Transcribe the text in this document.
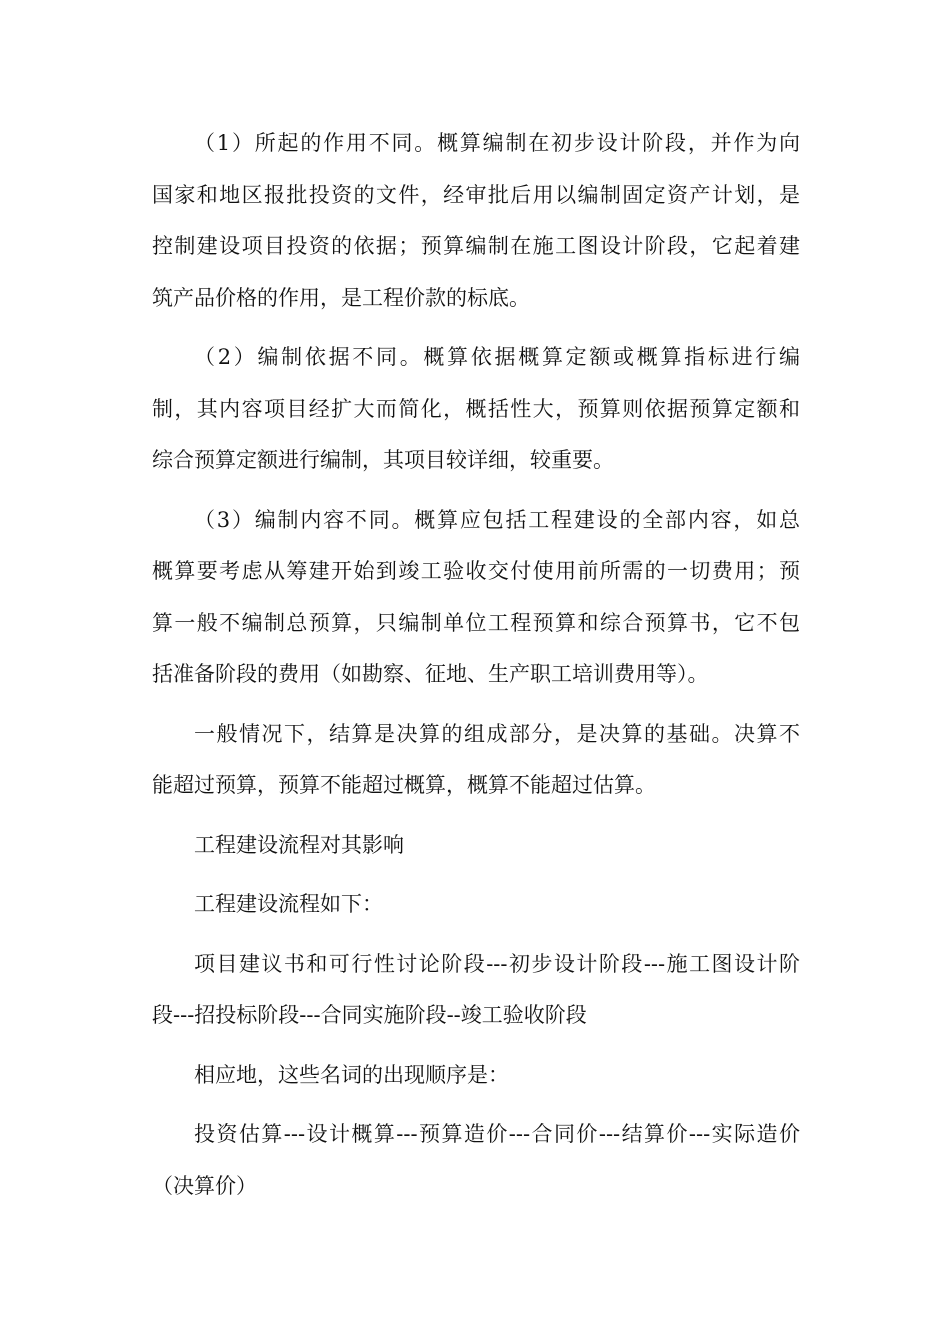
（1）所起的作用不同。概算编制在初步设计阶段，并作为向
国家和地区报批投资的文件，经审批后用以编制固定资产计划，是
控制建设项目投资的依据；预算编制在施工图设计阶段，它起着建
筑产品价格的作用，是工程价款的标底。
（2）编制依据不同。概算依据概算定额或概算指标进行编
制，其内容项目经扩大而简化，概括性大，预算则依据预算定额和
综合预算定额进行编制，其项目较详细，较重要。
（3）编制内容不同。概算应包括工程建设的全部内容，如总
概算要考虑从筹建开始到竣工验收交付使用前所需的一切费用；预
算一般不编制总预算，只编制单位工程预算和综合预算书，它不包
括准备阶段的费用（如勘察、征地、生产职工培训费用等）。
一般情况下，结算是决算的组成部分，是决算的基础。决算不
能超过预算，预算不能超过概算，概算不能超过估算。
工程建设流程对其影响
工程建设流程如下：
项目建议书和可行性讨论阶段---初步设计阶段---施工图设计阶
段---招投标阶段---合同实施阶段--竣工验收阶段
相应地，这些名词的出现顺序是：
投资估算---设计概算---预算造价---合同价---结算价---实际造价
（决算价）
